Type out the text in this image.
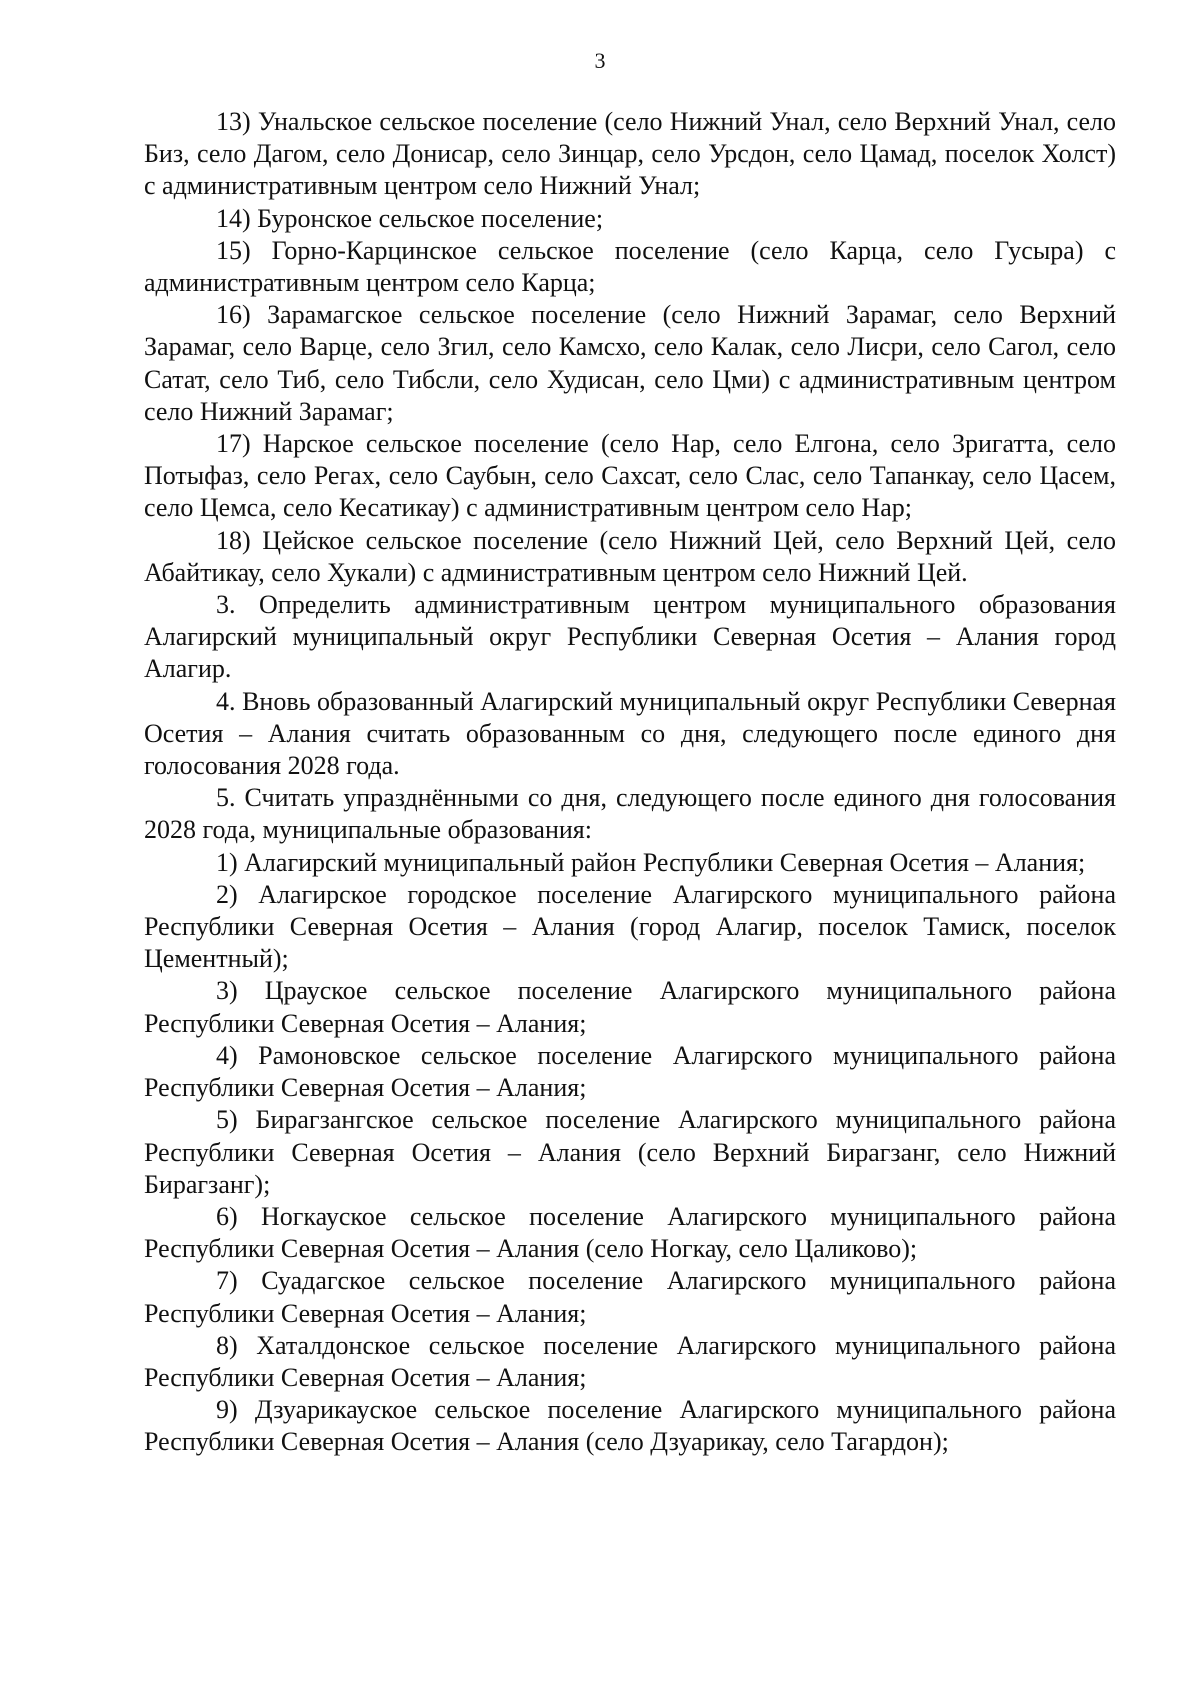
3

13) Унальское сельское поселение (село Нижний Унал, село Верхний Унал, село Биз, село Дагом, село Донисар, село Зинцар, село Урсдон, село Цамад, поселок Холст) с административным центром село Нижний Унал;

14) Буронское сельское поселение;

15) Горно-Карцинское сельское поселение (село Карца, село Гусыра) с административным центром село Карца;

16) Зарамагское сельское поселение (село Нижний Зарамаг, село Верхний Зарамаг, село Варце, село Згил, село Камсхо, село Калак, село Лисри, село Сагол, село Сатат, село Тиб, село Тибсли, село Худисан, село Цми) с административным центром село Нижний Зарамаг;

17) Нарское сельское поселение (село Нар, село Елгона, село Зригатта, село Потыфаз, село Регах, село Саубын, село Сахсат, село Слас, село Тапанкау, село Цасем, село Цемса, село Кесатикау) с административным центром село Нар;

18) Цейское сельское поселение (село Нижний Цей, село Верхний Цей, село Абайтикау, село Хукали) с административным центром село Нижний Цей.

3. Определить административным центром муниципального образования Алагирский муниципальный округ Республики Северная Осетия – Алания город Алагир.

4. Вновь образованный Алагирский муниципальный округ Республики Северная Осетия – Алания считать образованным со дня, следующего после единого дня голосования 2028 года.

5. Считать упразднёнными со дня, следующего после единого дня голосования 2028 года, муниципальные образования:

1) Алагирский муниципальный район Республики Северная Осетия – Алания;

2) Алагирское городское поселение Алагирского муниципального района Республики Северная Осетия – Алания (город Алагир, поселок Тамиск, поселок Цементный);

3) Црауское сельское поселение Алагирского муниципального района Республики Северная Осетия – Алания;

4) Рамоновское сельское поселение Алагирского муниципального района Республики Северная Осетия – Алания;

5) Бирагзангское сельское поселение Алагирского муниципального района Республики Северная Осетия – Алания (село Верхний Бирагзанг, село Нижний Бирагзанг);

6) Ногкауское сельское поселение Алагирского муниципального района Республики Северная Осетия – Алания (село Ногкау, село Цаликово);

7) Суадагское сельское поселение Алагирского муниципального района Республики Северная Осетия – Алания;

8) Хаталдонское сельское поселение Алагирского муниципального района Республики Северная Осетия – Алания;

9) Дзуарикауское сельское поселение Алагирского муниципального района Республики Северная Осетия – Алания (село Дзуарикау, село Тагардон);
